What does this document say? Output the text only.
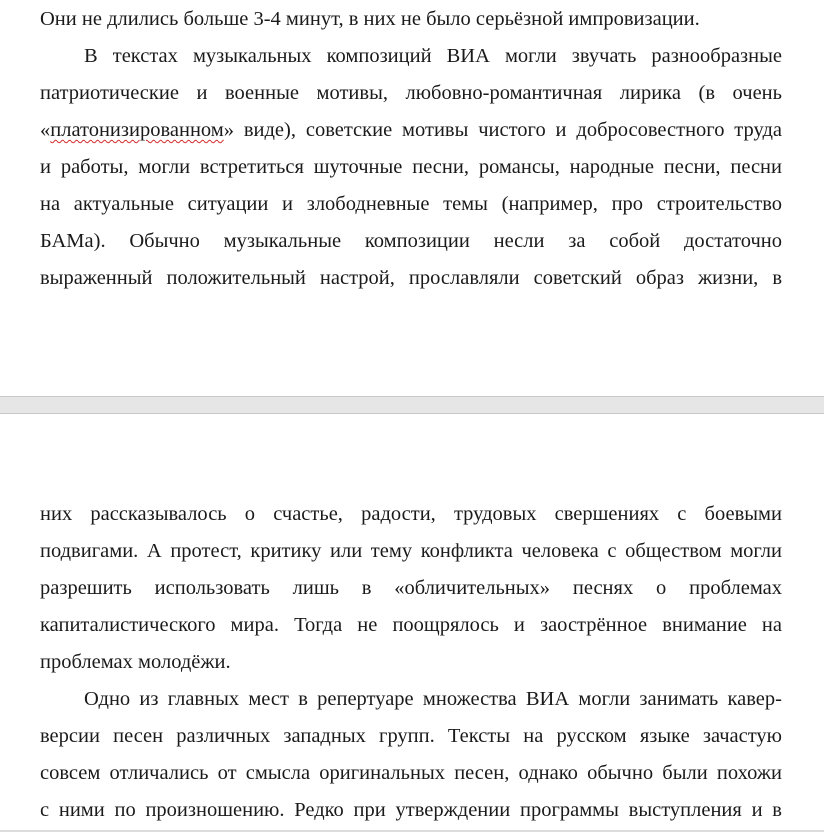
Они не длились больше 3-4 минут, в них не было серьёзной импровизации.
В текстах музыкальных композиций ВИА могли звучать разнообразные
патриотические и военные мотивы, любовно-романтичная лирика (в очень
«платонизированном» виде), советские мотивы чистого и добросовестного труда
и работы, могли встретиться шуточные песни, романсы, народные песни, песни
на актуальные ситуации и злободневные темы (например, про строительство
БАМа). Обычно музыкальные композиции несли за собой достаточно
выраженный положительный настрой, прославляли советский образ жизни, в
них рассказывалось о счастье, радости, трудовых свершениях с боевыми
подвигами. А протест, критику или тему конфликта человека с обществом могли
разрешить использовать лишь в «обличительных» песнях о проблемах
капиталистического мира. Тогда не поощрялось и заострённое внимание на
проблемах молодёжи.
Одно из главных мест в репертуаре множества ВИА могли занимать кавер-
версии песен различных западных групп. Тексты на русском языке зачастую
совсем отличались от смысла оригинальных песен, однако обычно были похожи
с ними по произношению. Редко при утверждении программы выступления и в
